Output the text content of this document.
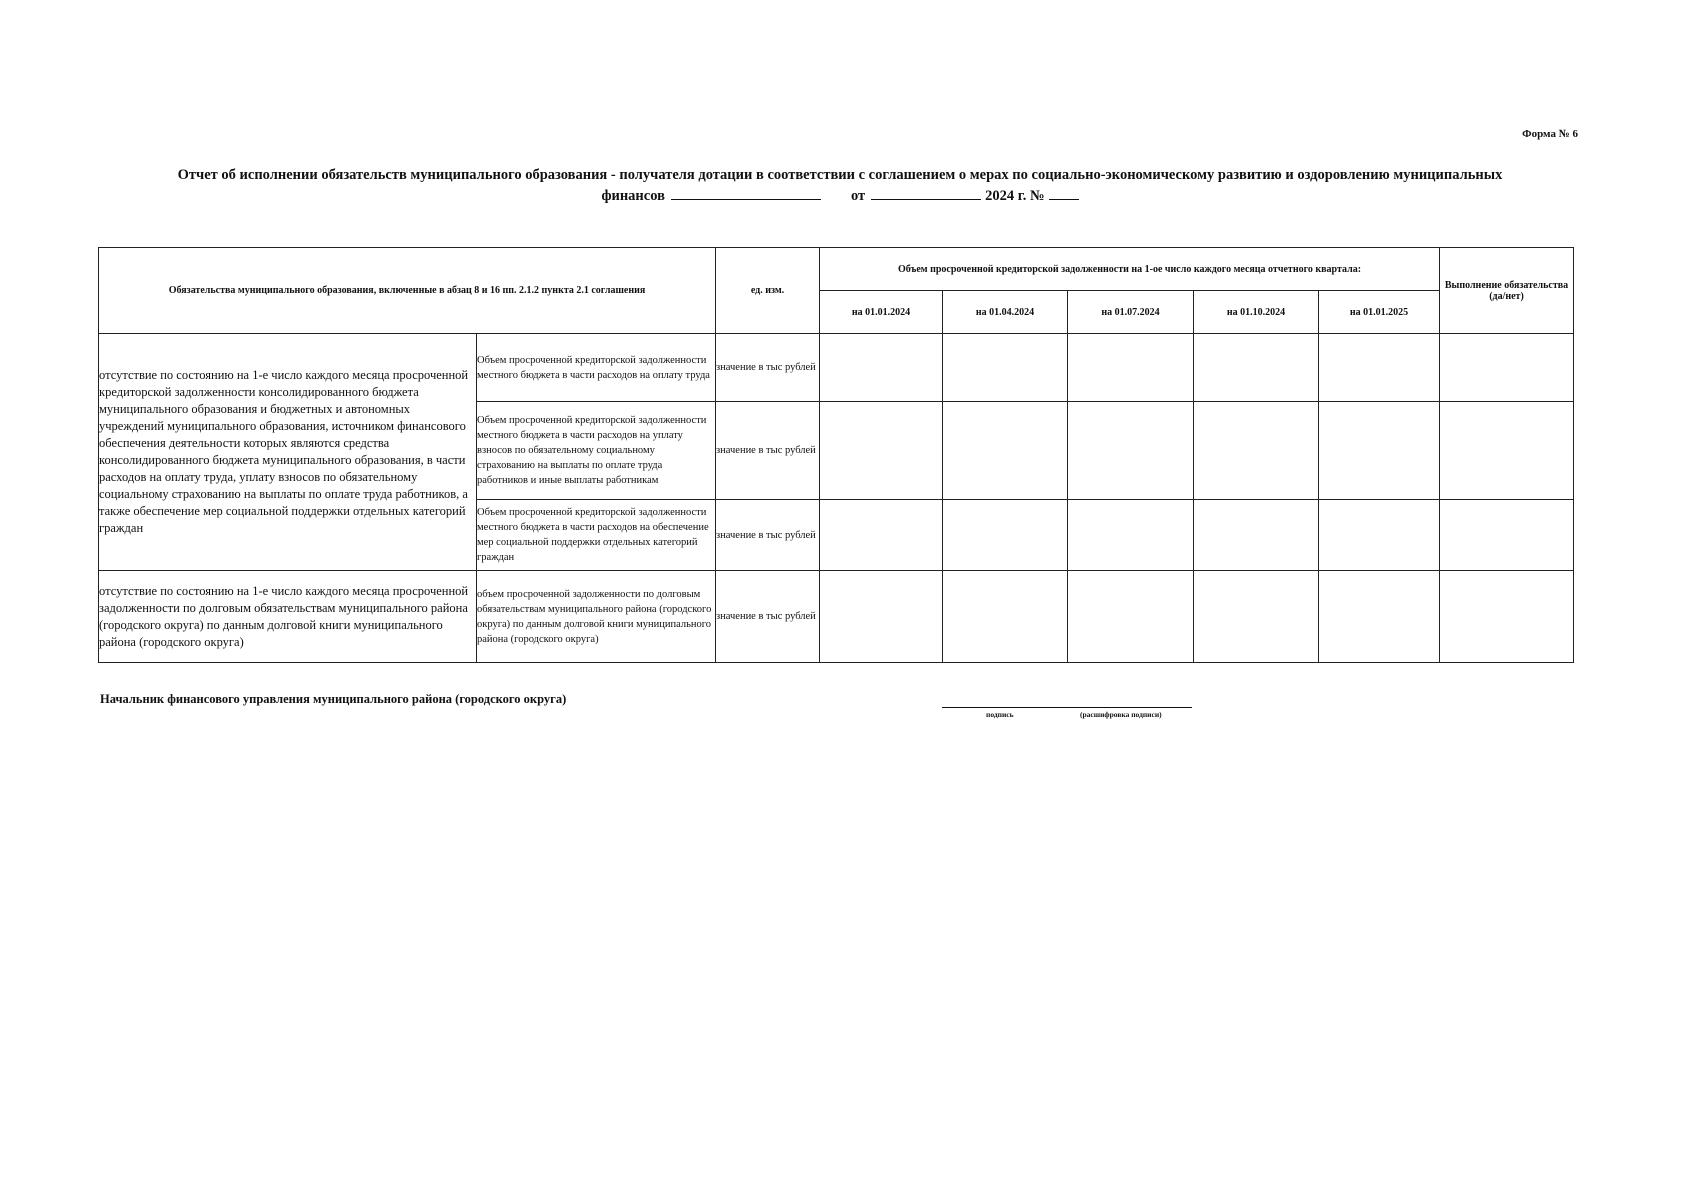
Форма № 6
Отчет об исполнении обязательств муниципального образования - получателя дотации в соответствии с соглашением о мерах по социально-экономическому развитию и оздоровлению муниципальных
финансов	от	2024 г. №
Обязательства муниципального образования, включенные в абзац 8 и 16 пп. 2.1.2 пункта 2.1 соглашения		ед. изм.	Объем просроченной кредиторской задолженности на 1-ое число каждого месяца отчетного квартала:					Выполнение обязательства (да/нет)
			на 01.01.2024	на 01.04.2024	на 01.07.2024	на 01.10.2024	на 01.01.2025	
отсутствие по состоянию на 1-е число каждого месяца просроченной кредиторской задолженности консолидированного бюджета муниципального образования и бюджетных и автономных учреждений муниципального образования, источником финансового обеспечения деятельности которых являются средства консолидированного бюджета муниципального образования, в части расходов на оплату труда, уплату взносов по обязательному социальному страхованию на выплаты по оплате труда работников, а также обеспечение мер социальной поддержки отдельных категорий граждан	Объем просроченной кредиторской задолженности местного бюджета в части расходов на оплату труда	значение в тыс рублей						
	Объем просроченной кредиторской задолженности местного бюджета в части расходов на уплату взносов по обязательному социальному страхованию на выплаты по оплате труда работников и иные выплаты работникам	значение в тыс рублей						
	Объем просроченной кредиторской задолженности местного бюджета в части расходов на обеспечение мер социальной поддержки отдельных категорий граждан	значение в тыс рублей						
отсутствие по состоянию на 1-е число каждого месяца просроченной задолженности по долговым обязательствам муниципального района (городского округа) по данным долговой книги муниципального района (городского округа)	объем просроченной задолженности по долговым обязательствам муниципального района (городского округа) по данным долговой книги муниципального района (городского округа)	значение в тыс рублей						
Начальник финансового управления муниципального района (городского округа)
подпись	(расшифровка подписи)
